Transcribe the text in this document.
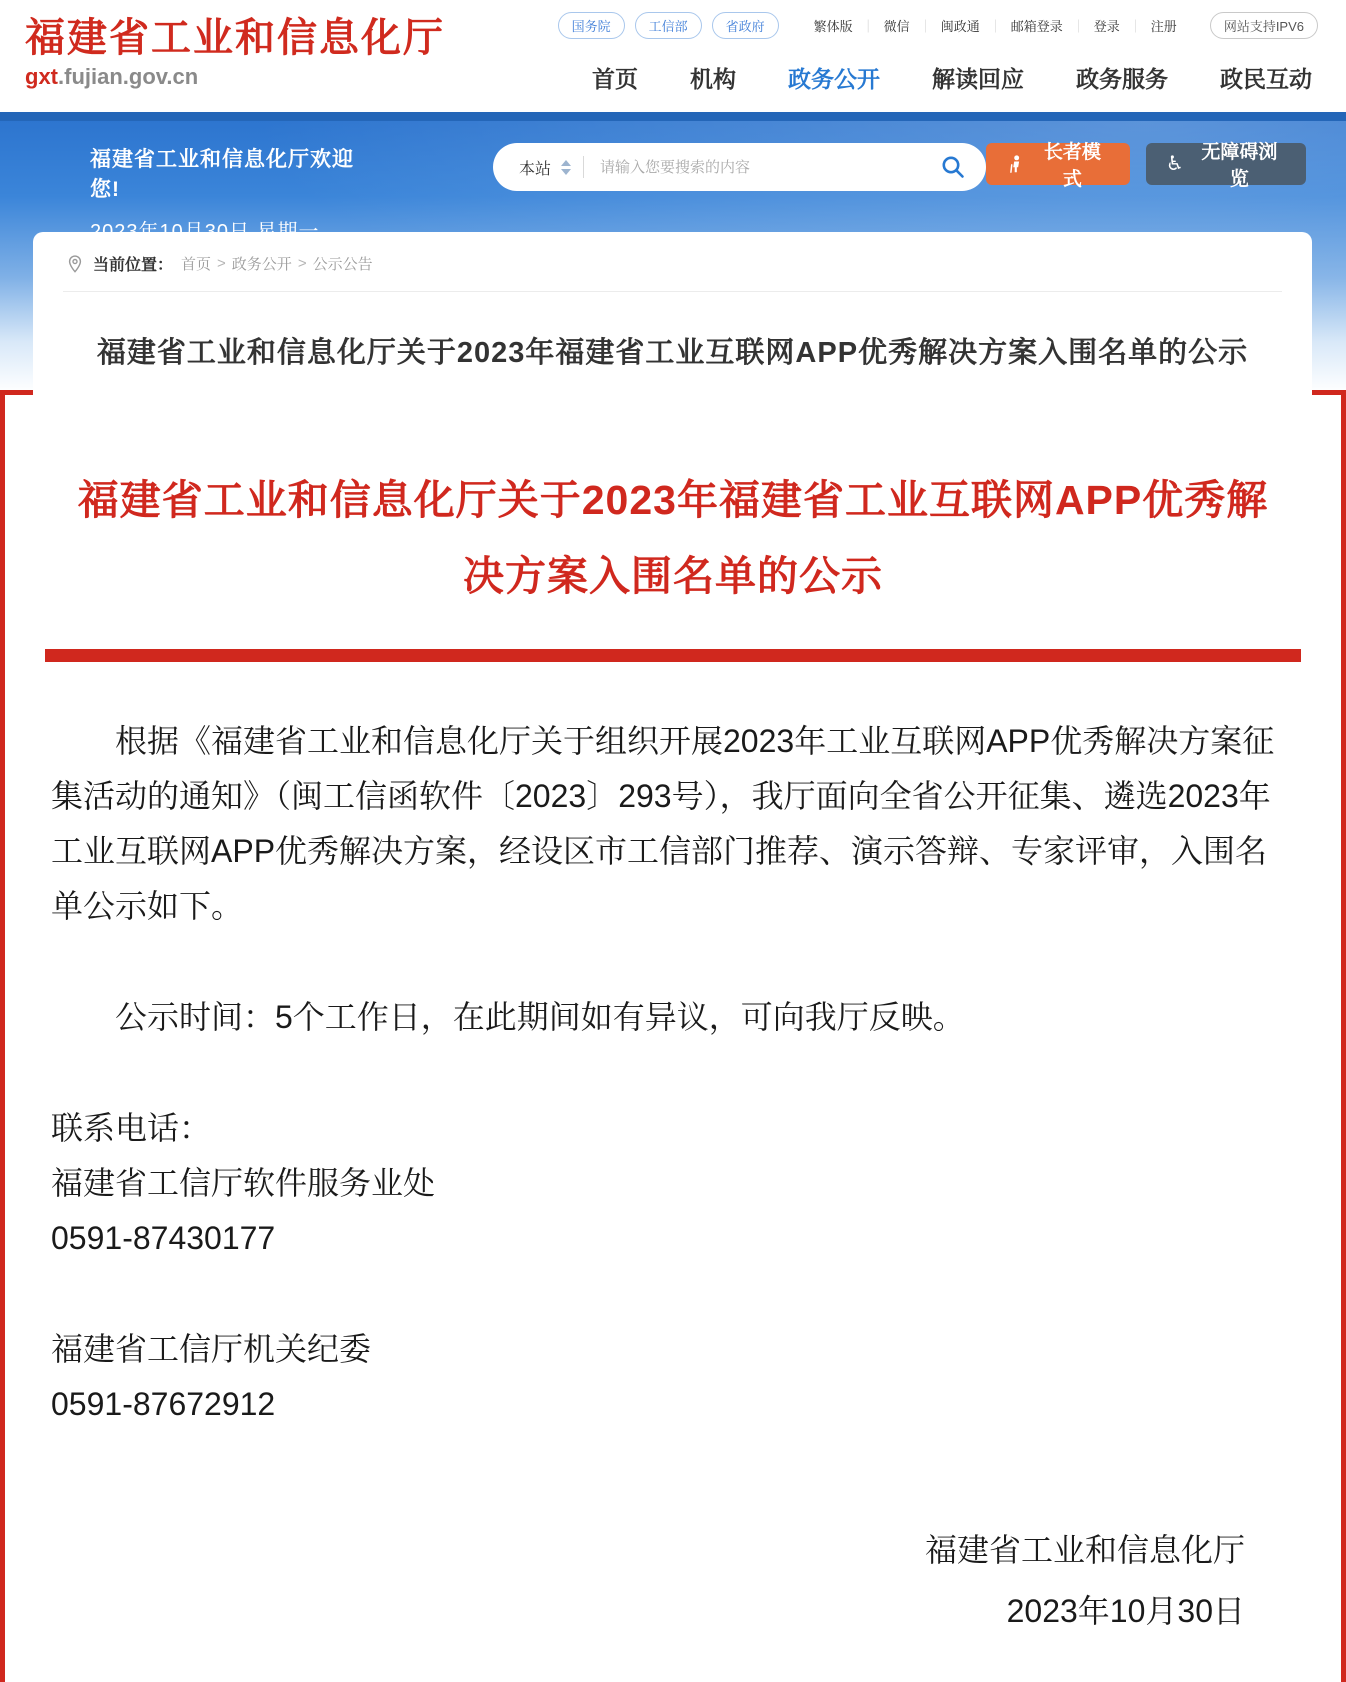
福建省工业和信息化厅
gxt.fujian.gov.cn
国务院	工信部	省政府	繁体版 ｜ 微信 ｜ 闽政通 ｜ 邮箱登录 ｜ 登录 ｜ 注册	网站支持IPV6
首页 机构 政务公开 解读回应 政务服务 政民互动
福建省工业和信息化厅欢迎您!
本站
请输入您要搜索的内容
长者模式
♿
无障碍浏览
当前位置： 首页 > 政务公开 > 公示公告
福建省工业和信息化厅关于2023年福建省工业互联网APP优秀解决方案入围名单的公示
福建省工业和信息化厅关于2023年福建省工业互联网APP优秀解决方案入围名单的公示

根据《福建省工业和信息化厅关于组织开展2023年工业互联网APP优秀解决方案征集活动的通知》（闽工信函软件〔2023〕293号），我厅面向全省公开征集、遴选2023年工业互联网APP优秀解决方案，经设区市工信部门推荐、演示答辩、专家评审，入围名单公示如下。

公示时间：5个工作日，在此期间如有异议，可向我厅反映。

联系电话：

福建省工信厅软件服务业处

0591-87430177

福建省工信厅机关纪委

0591-87672912

福建省工业和信息化厅
2023年10月30日
